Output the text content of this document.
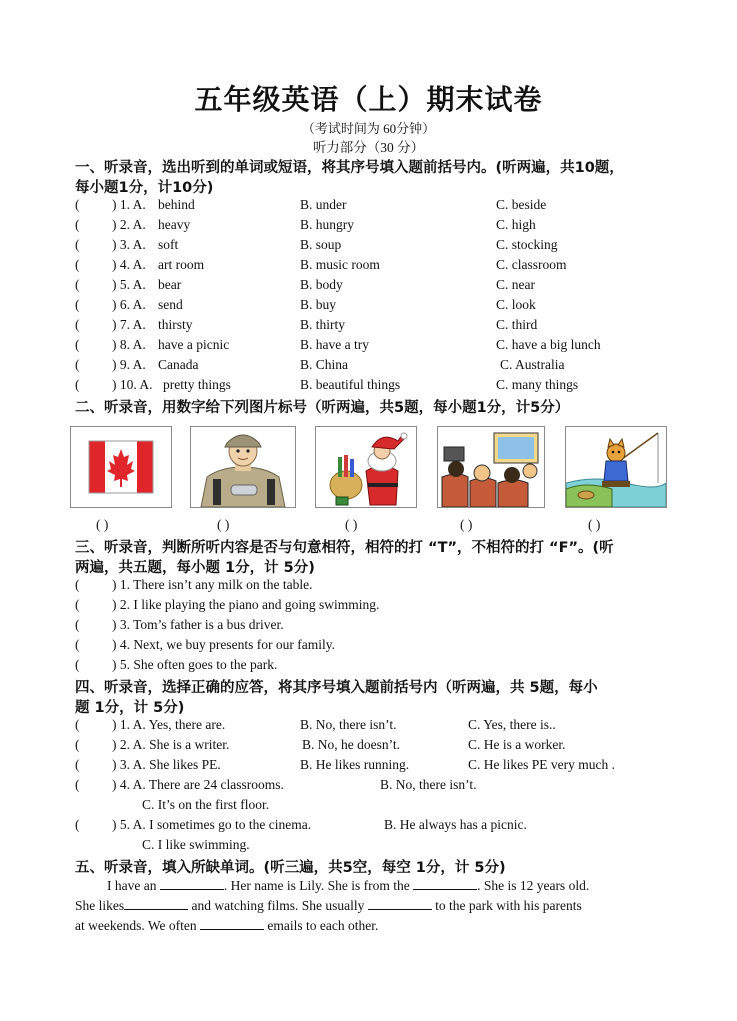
五年级英语（上）期末试卷
（考试时间为 60分钟）
听力部分（30 分）
一、听录音，选出听到的单词或短语，将其序号填入题前括号内。(听两遍，共10题，
每小题1分，计10分)
( ) 1. A. behind	B. under	C. beside
( ) 2. A. heavy	B. hungry	C. high
( ) 3. A. soft	B. soup	C. stocking
( ) 4. A. art room	B. music room	C. classroom
( ) 5. A. bear	B. body	C. near
( ) 6. A. send	B. buy	C. look
( ) 7. A. thirsty	B. thirty	C. third
( ) 8. A. have a picnic	B. have a try	C. have a big lunch
( ) 9. A. Canada	B. China	C. Australia
( ) 10. A. pretty things	B. beautiful things	C. many things
二、听录音，用数字给下列图片标号（听两遍，共5题，每小题1分，计5分）
( )	( )	( )	( )	( )
三、听录音，判断所听内容是否与句意相符，相符的打 “T”，不相符的打 “F”。(听
两遍，共五题，每小题 1分，计 5分)
( ) 1. There isn’t any milk on the table.
( ) 2. I like playing the piano and going swimming.
( ) 3. Tom’s father is a bus driver.
( ) 4. Next, we buy presents for our family.
( ) 5. She often goes to the park.
四、听录音，选择正确的应答，将其序号填入题前括号内（听两遍，共 5题，每小
题 1分，计 5分)
( ) 1. A. Yes, there are.	B. No, there isn’t.	C. Yes, there is..
( ) 2. A. She is a writer.	B. No, he doesn’t.	C. He is a worker.
( ) 3. A. She likes PE.	B. He likes running.	C. He likes PE very much .
( ) 4. A. There are 24 classrooms.	B. No, there isn’t.
C. It’s on the first floor.
( ) 5. A. I sometimes go to the cinema.	B. He always has a picnic.
C. I like swimming.
五、听录音，填入所缺单词。(听三遍，共5空，每空 1分，计 5分)
I have an	. Her name is Lily. She is from the	. She is 12 years old.
She likes	and watching films. She usually	to the park with his parents
at weekends. We often	emails to each other.
